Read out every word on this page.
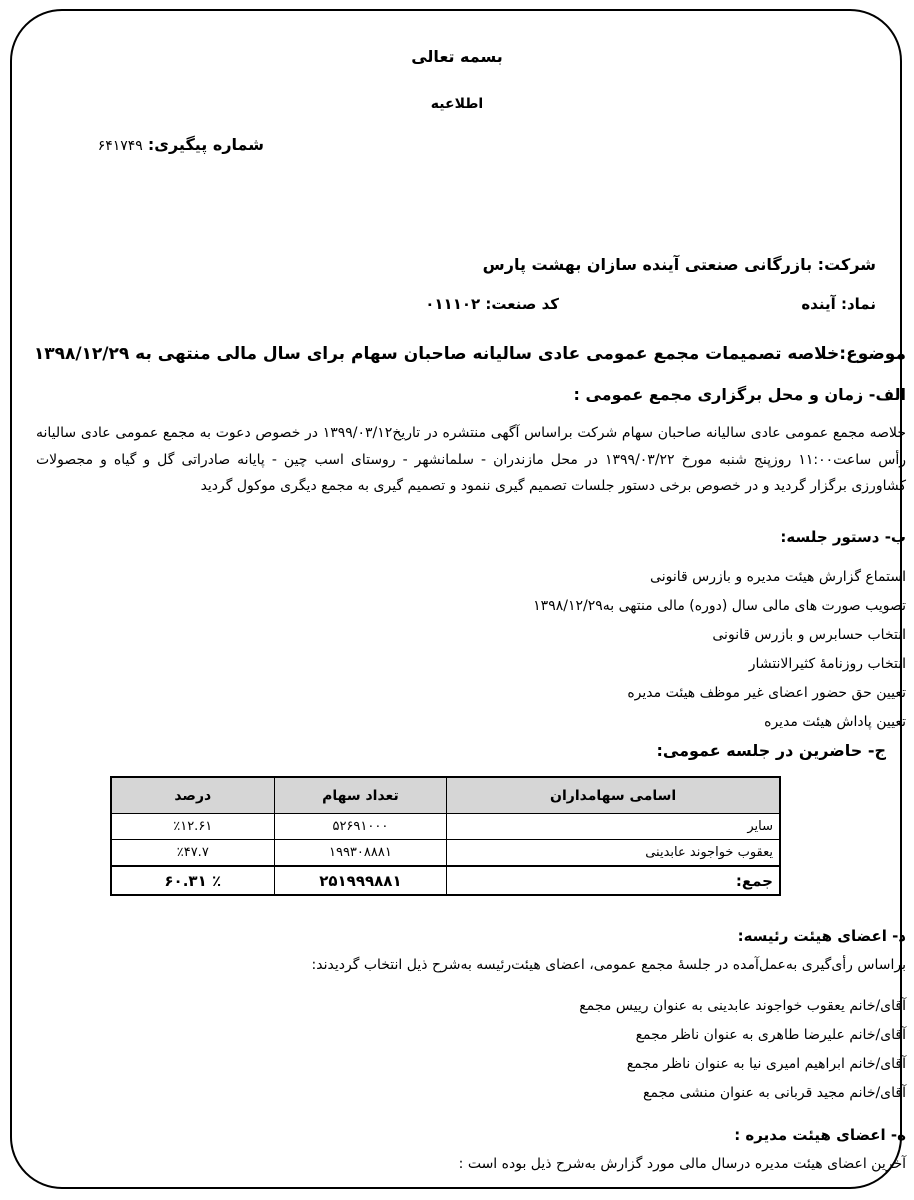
بسمه تعالی
اطلاعیه
شماره پیگیری: ۶۴۱۷۴۹
شرکت: بازرگانی صنعتی آینده سازان بهشت پارس
نماد: آینده
کد صنعت: ۰۱۱۱۰۲
موضوع:خلاصه تصمیمات مجمع عمومی عادی سالیانه صاحبان سهام برای سال مالی منتهی به ۱۳۹۸/۱۲/۲۹
الف- زمان و محل برگزاری مجمع عمومی :
خلاصه مجمع عمومی عادی سالیانه صاحبان سهام شرکت براساس آگهی منتشره در تاریخ۱۳۹۹/۰۳/۱۲ در خصوص دعوت به مجمع عمومی عادی سالیانه رأس ساعت۱۱:۰۰ روزپنج شنبه مورخ ۱۳۹۹/۰۳/۲۲ در محل مازندران - سلمانشهر - روستای اسب چین - پایانه صادراتی گل و گیاه و مجصولات کشاورزی برگزار گردید و در خصوص برخی دستور جلسات تصمیم گیری ننمود و تصمیم گیری به مجمع دیگری موکول گردید
ب- دستور جلسه:
استماع گزارش هیئت مدیره و بازرس قانونی
تصویب صورت های مالی سال (دوره) مالی منتهی به۱۳۹۸/۱۲/۲۹
انتخاب حسابرس و بازرس قانونی
انتخاب روزنامهٔ کثیرالانتشار
تعیین حق حضور اعضای غیر موظف هیئت مدیره
تعیین پاداش هیئت مدیره
ج- حاضرین در جلسه عمومی:
اسامی سهامداران	تعداد سهام	درصد
سایر	۵۲۶۹۱۰۰۰	٪۱۲.۶۱
یعقوب خواجوند عابدینی	۱۹۹۳۰۸۸۸۱	٪۴۷.۷
جمع:	۲۵۱۹۹۹۸۸۱	٪ ۶۰.۳۱
د- اعضای هیئت رئیسه:
براساس رأی‌گیری به‌عمل‌آمده در جلسهٔ مجمع عمومی، اعضای هیئت‌رئیسه به‌شرح ذیل انتخاب گردیدند:
آقای/خانم یعقوب خواجوند عابدینی به عنوان رییس مجمع
آقای/خانم علیرضا طاهری به عنوان ناظر مجمع
آقای/خانم ابراهیم امیری نیا به عنوان ناظر مجمع
آقای/خانم مجید قربانی به عنوان منشی مجمع
ه- اعضای هیئت مدیره :
آخرین اعضای هیئت مدیره درسال مالی مورد گزارش به‌شرح ذیل بوده است :
